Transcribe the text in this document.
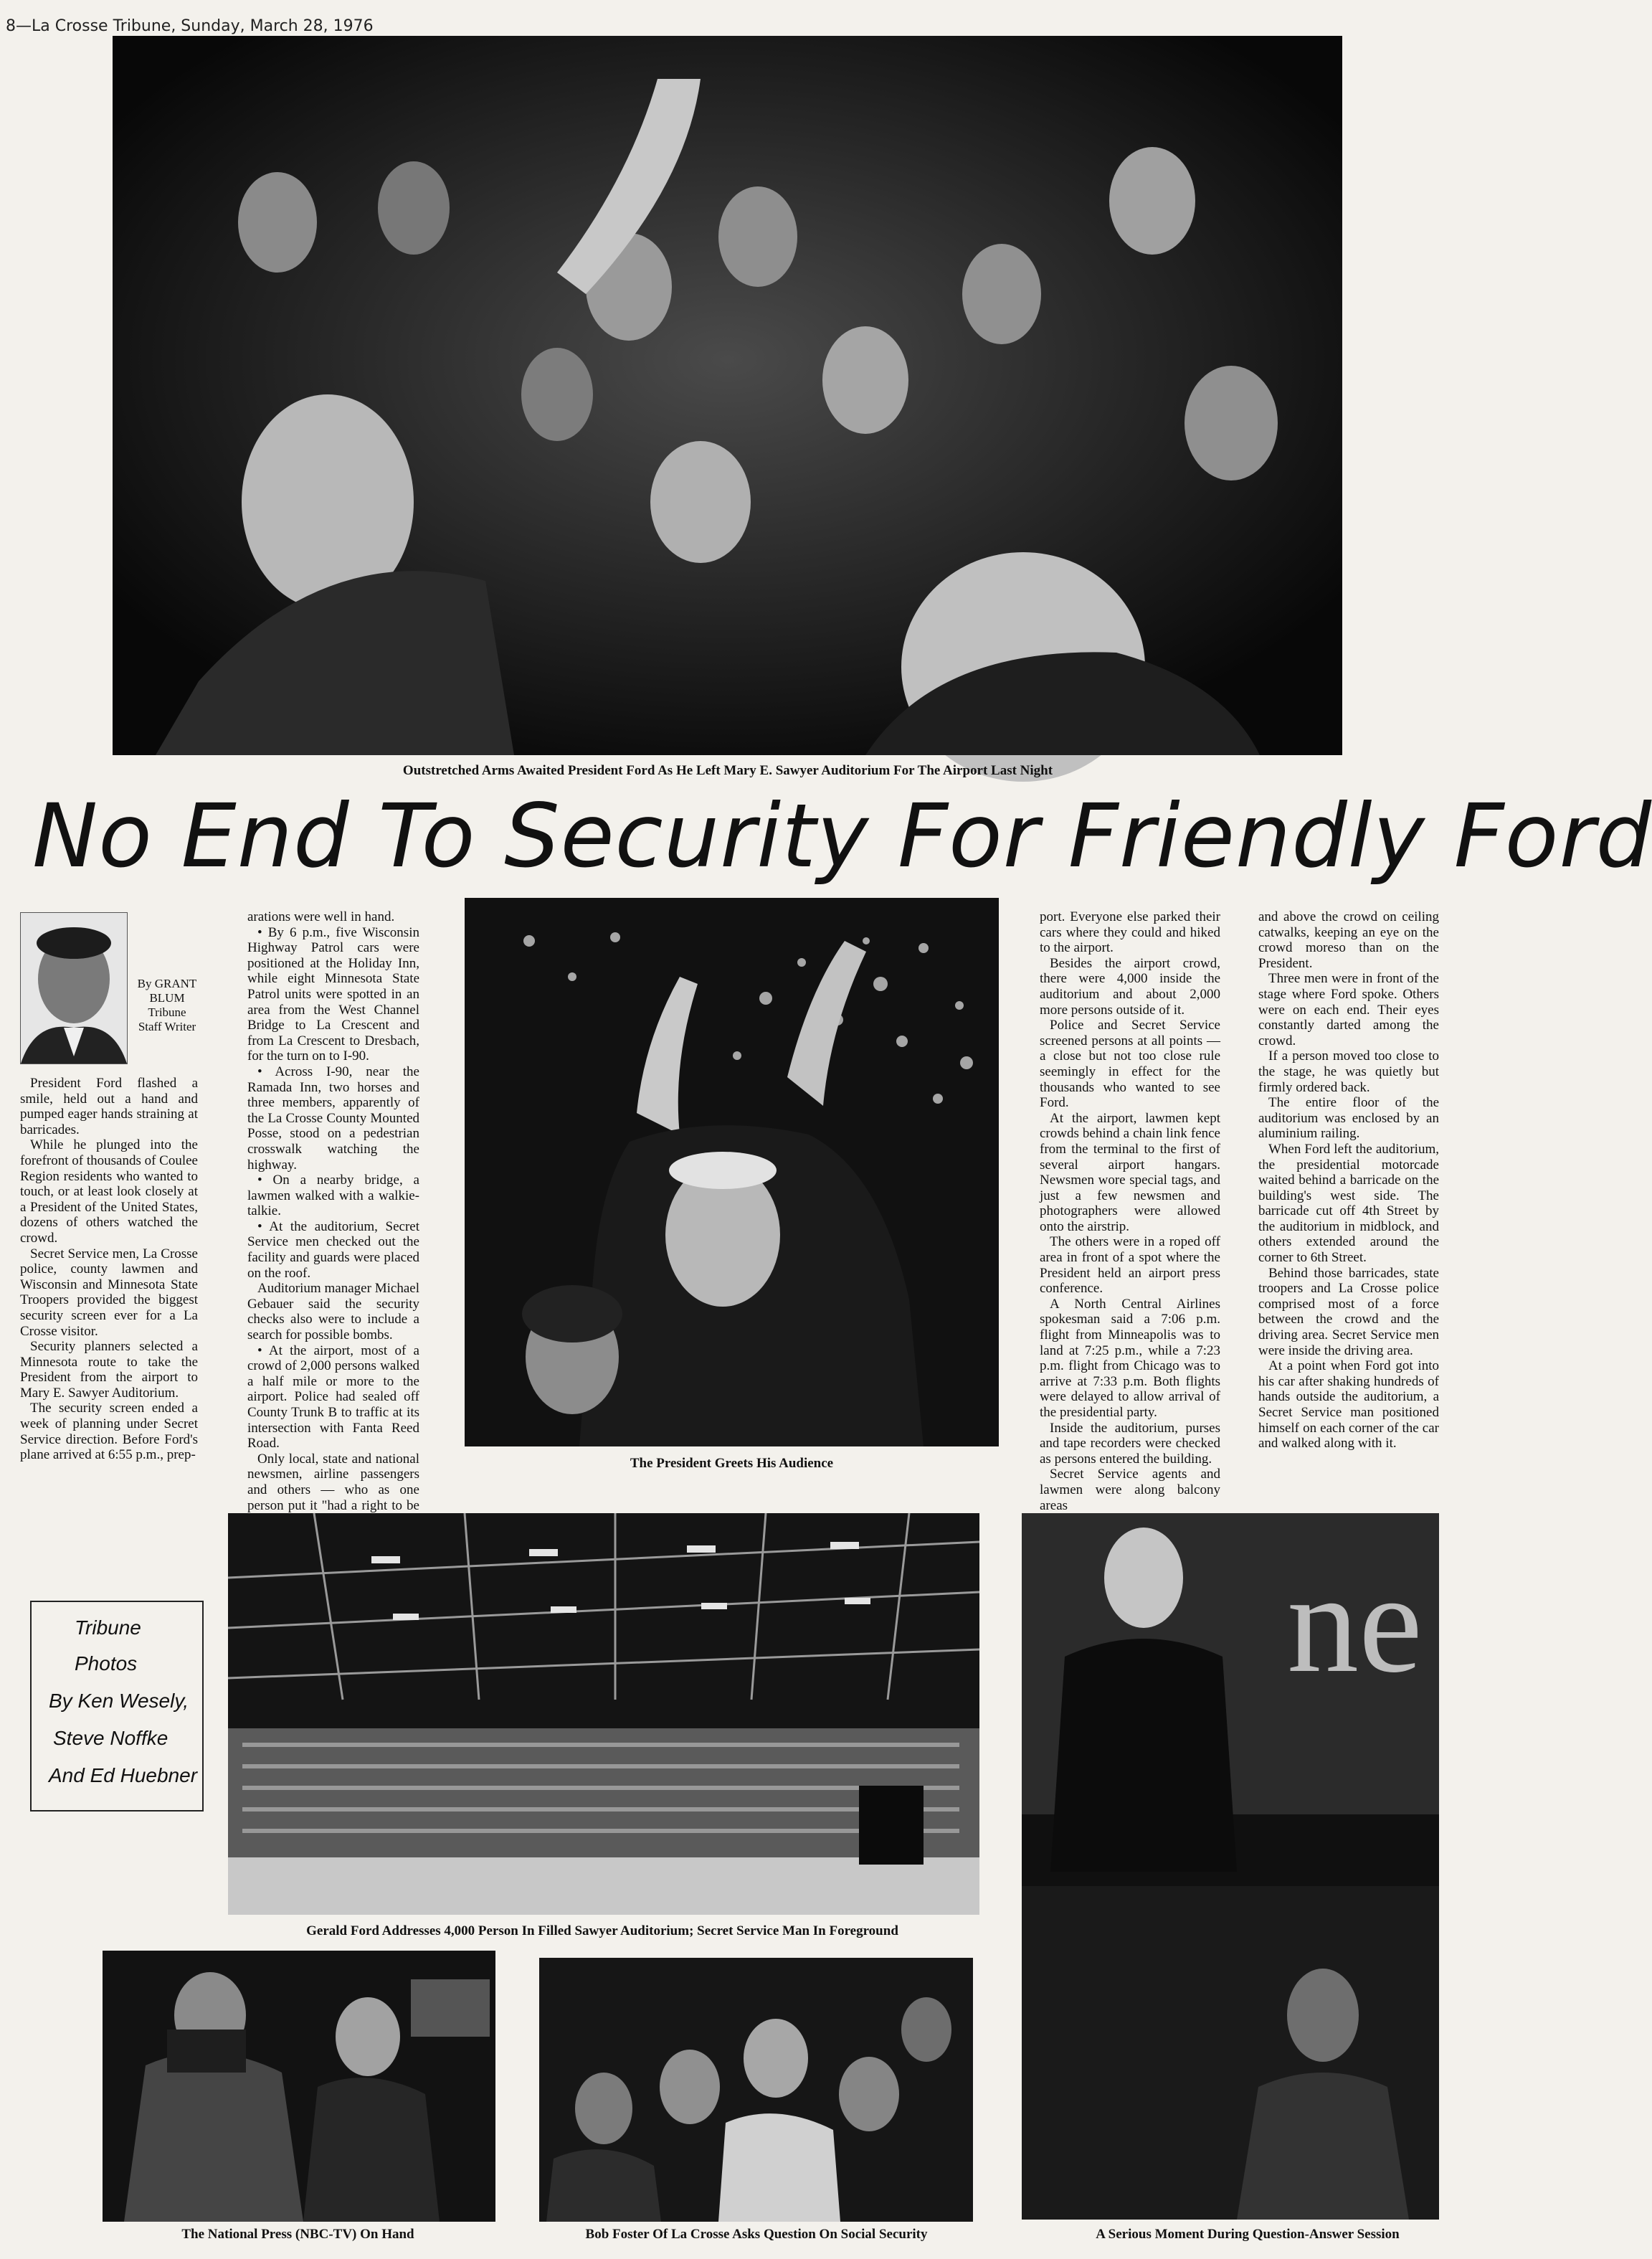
8—La Crosse Tribune, Sunday, March 28, 1976
Outstretched Arms Awaited President Ford As He Left Mary E. Sawyer Auditorium For The Airport Last Night
No End To Security For Friendly Ford
By GRANT
BLUM
Tribune
Staff Writer

President Ford flashed a smile, held out a hand and pumped eager hands straining at barricades.

While he plunged into the forefront of thousands of Coulee Region residents who wanted to touch, or at least look closely at a President of the United States, dozens of others watched the crowd.

Secret Service men, La Crosse police, county lawmen and Wisconsin and Minnesota State Troopers provided the biggest security screen ever for a La Crosse visitor.

Security planners selected a Minnesota route to take the President from the airport to Mary E. Sawyer Auditorium.

The security screen ended a week of planning under Secret Service direction. Before Ford's plane arrived at 6:55 p.m., prep-

arations were well in hand.

• By 6 p.m., five Wisconsin Highway Patrol cars were positioned at the Holiday Inn, while eight Minnesota State Patrol units were spotted in an area from the West Channel Bridge to La Crescent and from La Crescent to Dresbach, for the turn on to I-90.

• Across I-90, near the Ramada Inn, two horses and three members, apparently of the La Crosse County Mounted Posse, stood on a pedestrian crosswalk watching the highway.

• On a nearby bridge, a lawmen walked with a walkie-talkie.

• At the auditorium, Secret Service men checked out the facility and guards were placed on the roof.

Auditorium manager Michael Gebauer said the security checks also were to include a search for possible bombs.

• At the airport, most of a crowd of 2,000 persons walked a half mile or more to the airport. Police had sealed off County Trunk B to traffic at its intersection with Fanta Reed Road.

Only local, state and national newsmen, airline passengers and others — who as one person put it "had a right to be

The President Greets His Audience

port. Everyone else parked their cars where they could and hiked to the airport.

Besides the airport crowd, there were 4,000 inside the auditorium and about 2,000 more persons outside of it.

Police and Secret Service screened persons at all points — a close but not too close rule seemingly in effect for the thousands who wanted to see Ford.

At the airport, lawmen kept crowds behind a chain link fence from the terminal to the first of several airport hangars. Newsmen wore special tags, and just a few newsmen and photographers were allowed onto the airstrip.

The others were in a roped off area in front of a spot where the President held an airport press conference.

A North Central Airlines spokesman said a 7:06 p.m. flight from Minneapolis was to land at 7:25 p.m., while a 7:23 p.m. flight from Chicago was to arrive at 7:33 p.m. Both flights were delayed to allow arrival of the presidential party.

Inside the auditorium, purses and tape recorders were checked as persons entered the building.

Secret Service agents and lawmen were along balcony areas

and above the crowd on ceiling catwalks, keeping an eye on the crowd moreso than on the President.

Three men were in front of the stage where Ford spoke. Others were on each end. Their eyes constantly darted among the crowd.

If a person moved too close to the stage, he was quietly but firmly ordered back.

The entire floor of the auditorium was enclosed by an aluminium railing.

When Ford left the auditorium, the presidential motorcade waited behind a barricade on the building's west side. The barricade cut off 4th Street by the auditorium in midblock, and others extended around the corner to 6th Street.

Behind those barricades, state troopers and La Crosse police comprised most of a force between the crowd and the driving area. Secret Service men were inside the driving area.

At a point when Ford got into his car after shaking hundreds of hands outside the auditorium, a Secret Service man positioned himself on each corner of the car and walked along with it.

Tribune
Photos
By Ken Wesely,
Steve Noffke
And Ed Huebner
Gerald Ford Addresses 4,000 Person In Filled Sawyer Auditorium; Secret Service Man In Foreground
ne
The National Press (NBC-TV) On Hand	Bob Foster Of La Crosse Asks Question On Social Security	A Serious Moment During Question-Answer Session
